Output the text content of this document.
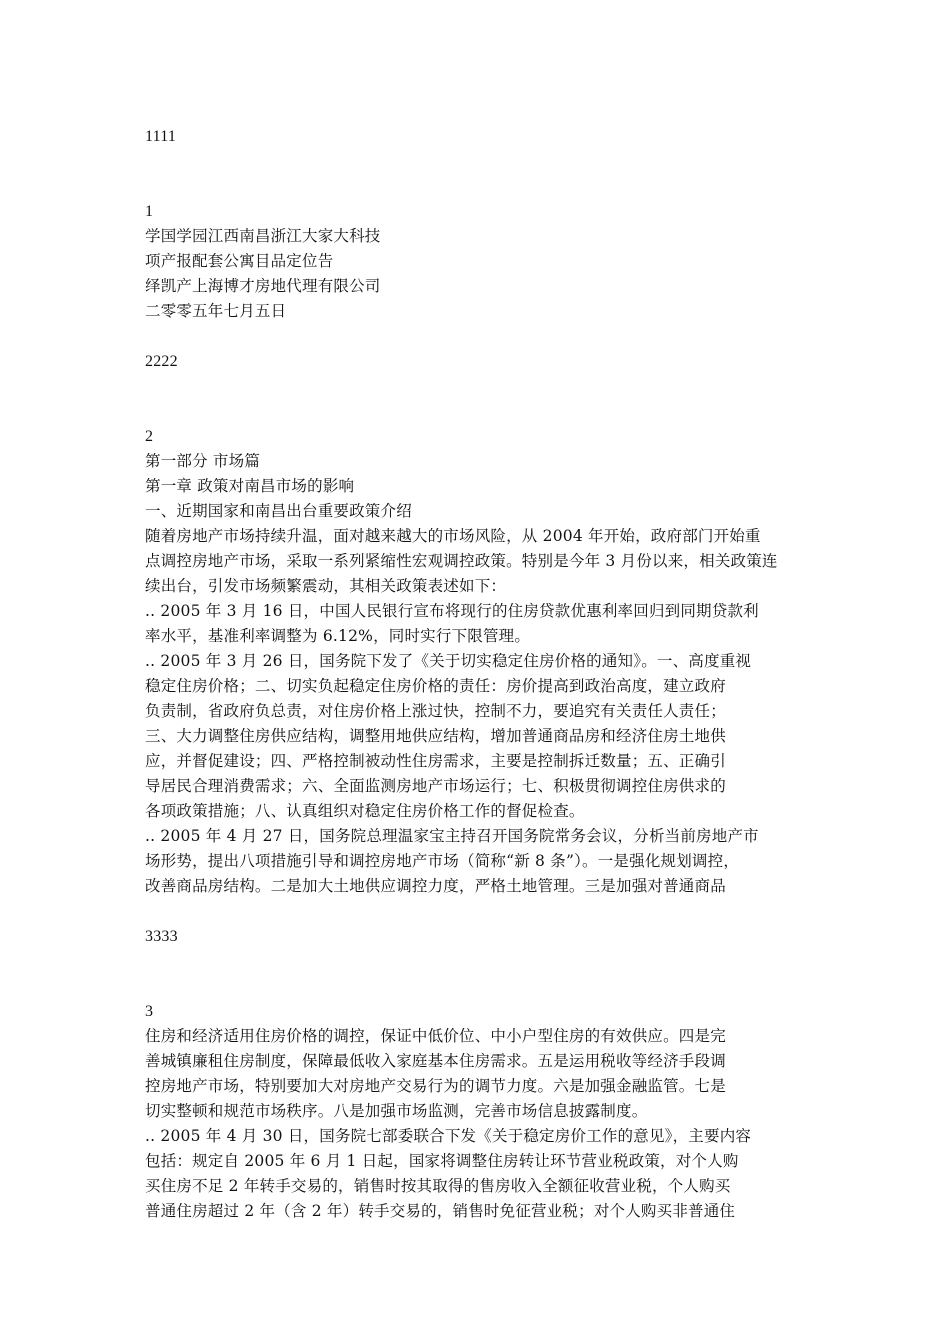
1111

1

学国学园江西南昌浙江大家大科技

项产报配套公寓目品定位告

绎凯产上海博才房地代理有限公司

二零零五年七月五日

2222

2

第一部分 市场篇

第一章 政策对南昌市场的影响

一、近期国家和南昌出台重要政策介绍

随着房地产市场持续升温，面对越来越大的市场风险，从 2004 年开始，政府部门开始重

点调控房地产市场，采取一系列紧缩性宏观调控政策。特别是今年 3 月份以来，相关政策连

续出台，引发市场频繁震动，其相关政策表述如下：

.. 2005 年 3 月 16 日，中国人民银行宣布将现行的住房贷款优惠利率回归到同期贷款利

率水平，基准利率调整为 6.12%，同时实行下限管理。

.. 2005 年 3 月 26 日，国务院下发了《关于切实稳定住房价格的通知》。一、高度重视

稳定住房价格；二、切实负起稳定住房价格的责任：房价提高到政治高度，建立政府

负责制，省政府负总责，对住房价格上涨过快，控制不力，要追究有关责任人责任；

三、大力调整住房供应结构，调整用地供应结构，增加普通商品房和经济住房土地供

应，并督促建设；四、严格控制被动性住房需求，主要是控制拆迁数量；五、正确引

导居民合理消费需求；六、全面监测房地产市场运行；七、积极贯彻调控住房供求的

各项政策措施；八、认真组织对稳定住房价格工作的督促检查。

.. 2005 年 4 月 27 日，国务院总理温家宝主持召开国务院常务会议，分析当前房地产市

场形势，提出八项措施引导和调控房地产市场（简称“新 8 条”）。一是强化规划调控，

改善商品房结构。二是加大土地供应调控力度，严格土地管理。三是加强对普通商品

3333

3

住房和经济适用住房价格的调控，保证中低价位、中小户型住房的有效供应。四是完

善城镇廉租住房制度，保障最低收入家庭基本住房需求。五是运用税收等经济手段调

控房地产市场，特别要加大对房地产交易行为的调节力度。六是加强金融监管。七是

切实整顿和规范市场秩序。八是加强市场监测，完善市场信息披露制度。

.. 2005 年 4 月 30 日，国务院七部委联合下发《关于稳定房价工作的意见》，主要内容

包括：规定自 2005 年 6 月 1 日起，国家将调整住房转让环节营业税政策，对个人购

买住房不足 2 年转手交易的，销售时按其取得的售房收入全额征收营业税，个人购买

普通住房超过 2 年（含 2 年）转手交易的，销售时免征营业税；对个人购买非普通住
